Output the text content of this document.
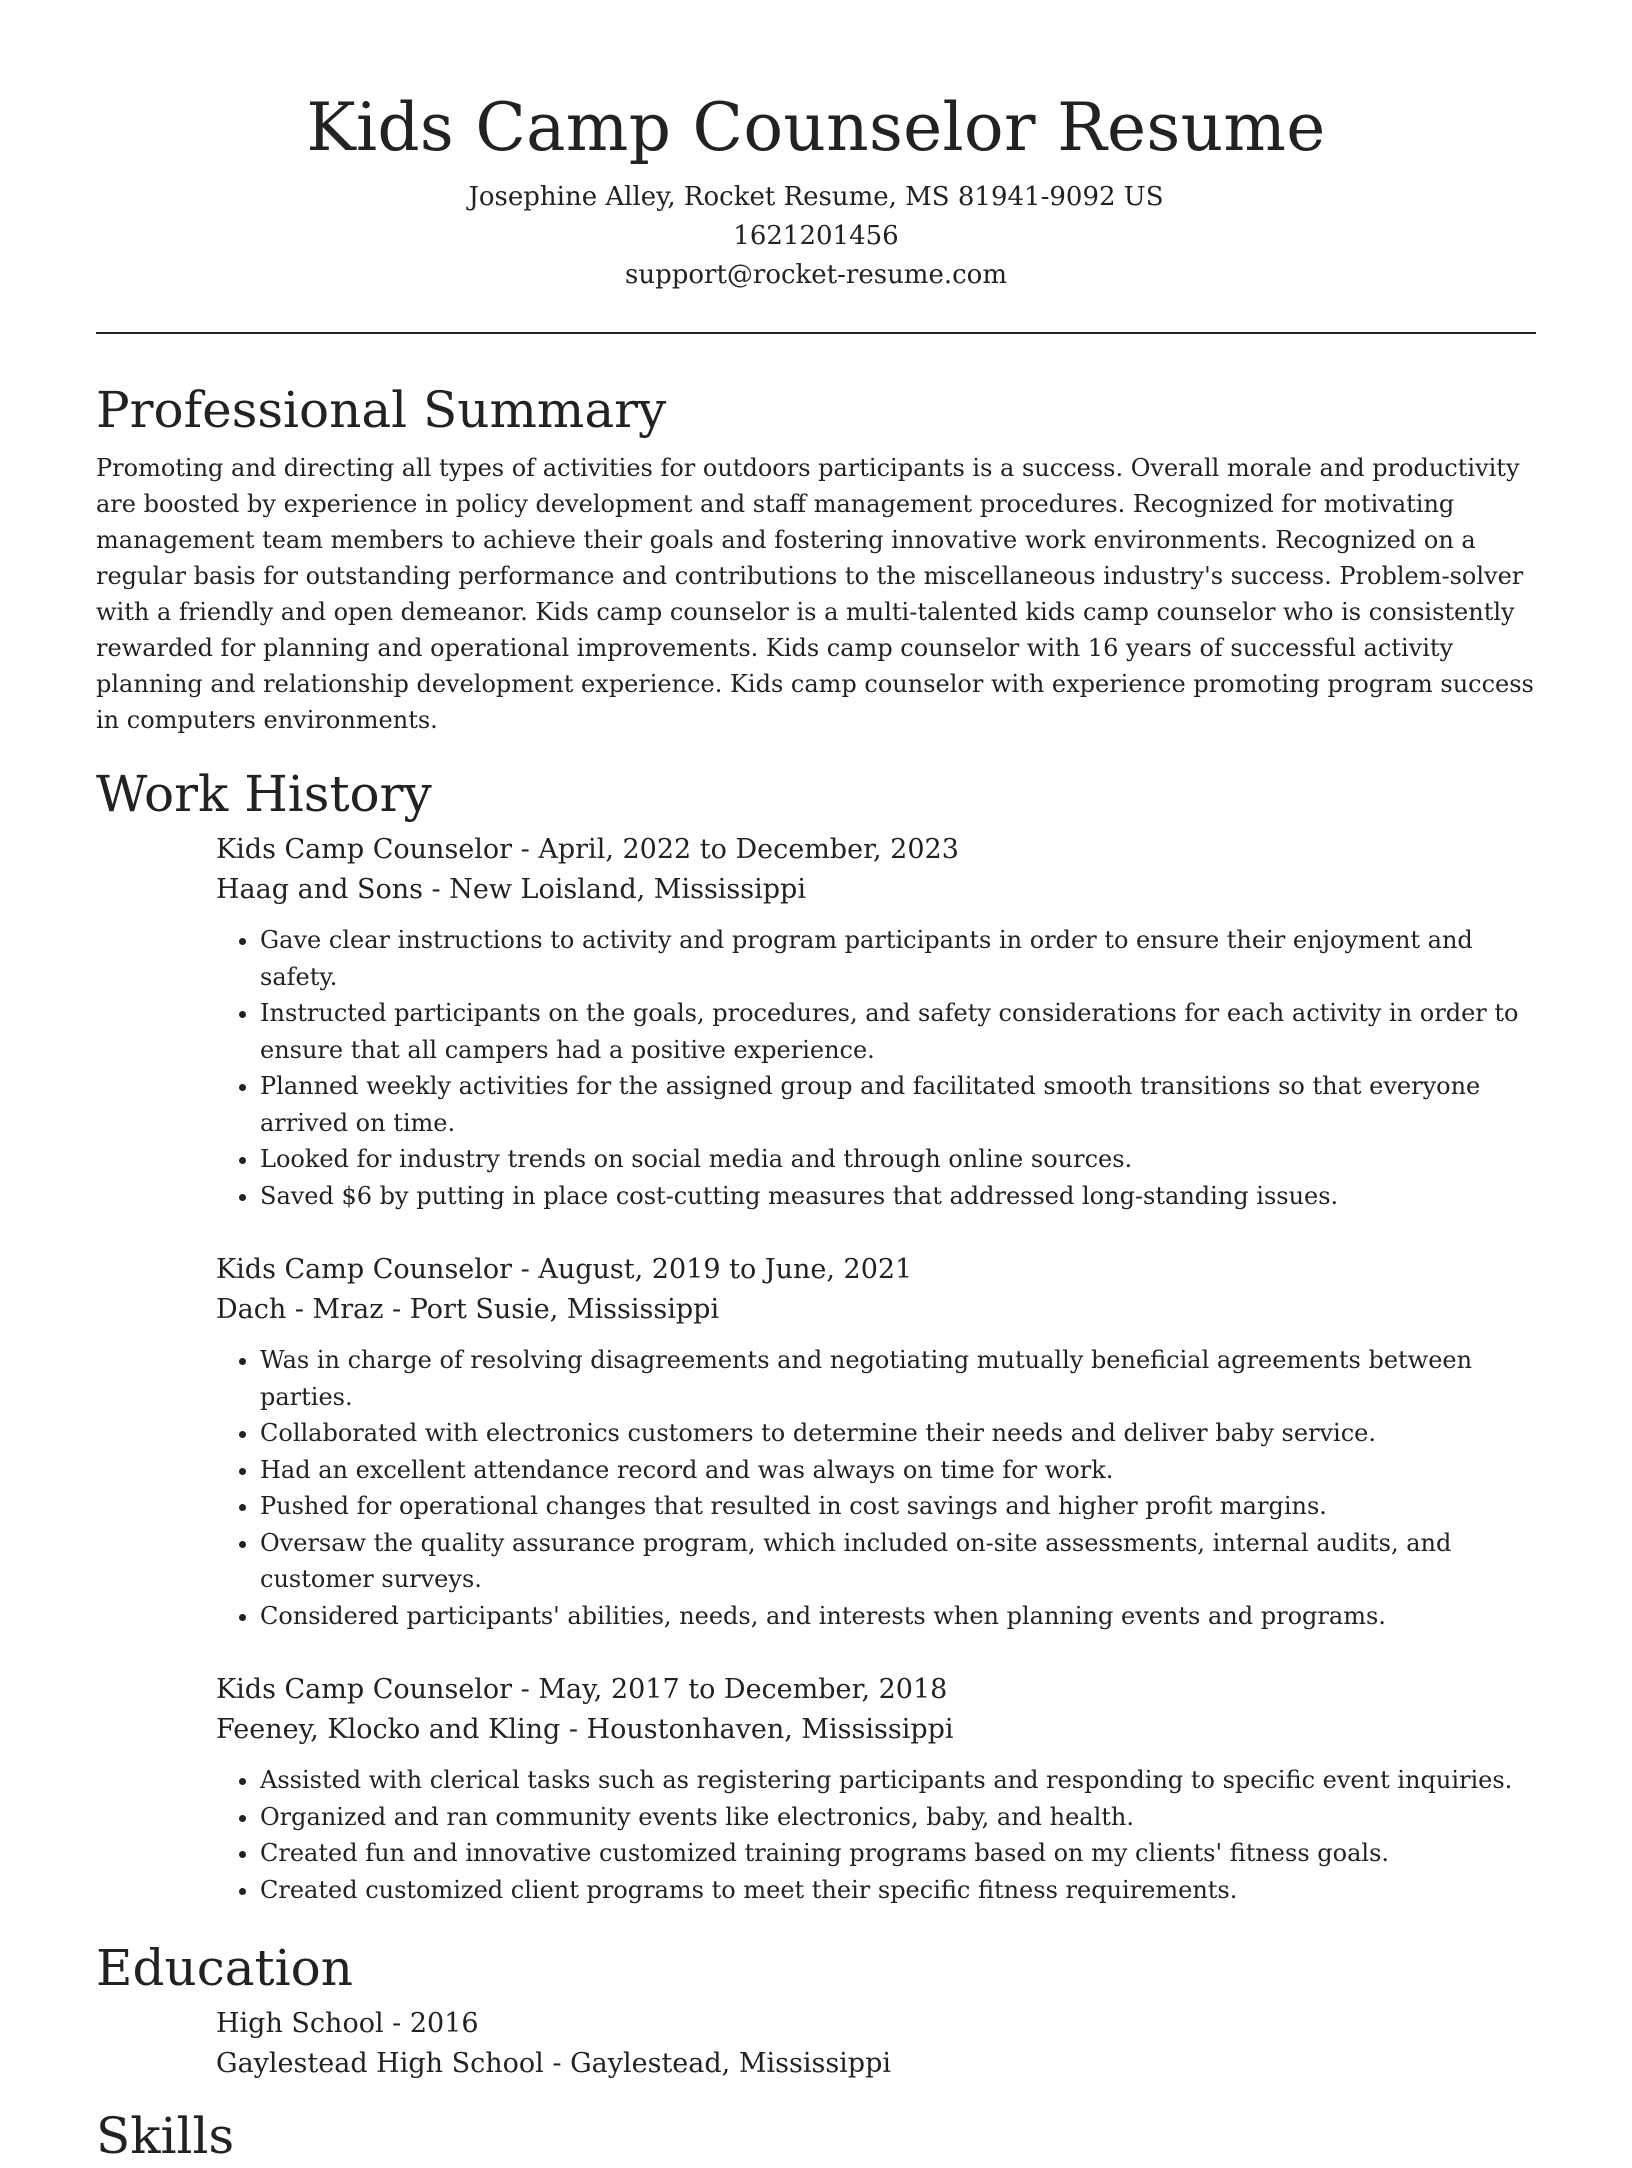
Kids Camp Counselor Resume
Josephine Alley, Rocket Resume, MS 81941-9092 US
1621201456
support@rocket-resume.com
Professional Summary

Promoting and directing all types of activities for outdoors participants is a success. Overall morale and productivity are boosted by experience in policy development and staff management procedures. Recognized for motivating management team members to achieve their goals and fostering innovative work environments. Recognized on a regular basis for outstanding performance and contributions to the miscellaneous industry's success. Problem-solver with a friendly and open demeanor. Kids camp counselor is a multi-talented kids camp counselor who is consistently rewarded for planning and operational improvements. Kids camp counselor with 16 years of successful activity planning and relationship development experience. Kids camp counselor with experience promoting program success in computers environments.

Work History
Kids Camp Counselor - April, 2022 to December, 2023
Haag and Sons - New Loisland, Mississippi
• Gave clear instructions to activity and program participants in order to ensure their enjoyment and safety.
• Instructed participants on the goals, procedures, and safety considerations for each activity in order to ensure that all campers had a positive experience.
• Planned weekly activities for the assigned group and facilitated smooth transitions so that everyone arrived on time.
• Looked for industry trends on social media and through online sources.
• Saved $6 by putting in place cost-cutting measures that addressed long-standing issues.
Kids Camp Counselor - August, 2019 to June, 2021
Dach - Mraz - Port Susie, Mississippi
• Was in charge of resolving disagreements and negotiating mutually beneficial agreements between parties.
• Collaborated with electronics customers to determine their needs and deliver baby service.
• Had an excellent attendance record and was always on time for work.
• Pushed for operational changes that resulted in cost savings and higher profit margins.
• Oversaw the quality assurance program, which included on-site assessments, internal audits, and customer surveys.
• Considered participants' abilities, needs, and interests when planning events and programs.
Kids Camp Counselor - May, 2017 to December, 2018
Feeney, Klocko and Kling - Houstonhaven, Mississippi
• Assisted with clerical tasks such as registering participants and responding to specific event inquiries.
• Organized and ran community events like electronics, baby, and health.
• Created fun and innovative customized training programs based on my clients' fitness goals.
• Created customized client programs to meet their specific fitness requirements.
Education
High School - 2016
Gaylestead High School - Gaylestead, Mississippi
Skills
